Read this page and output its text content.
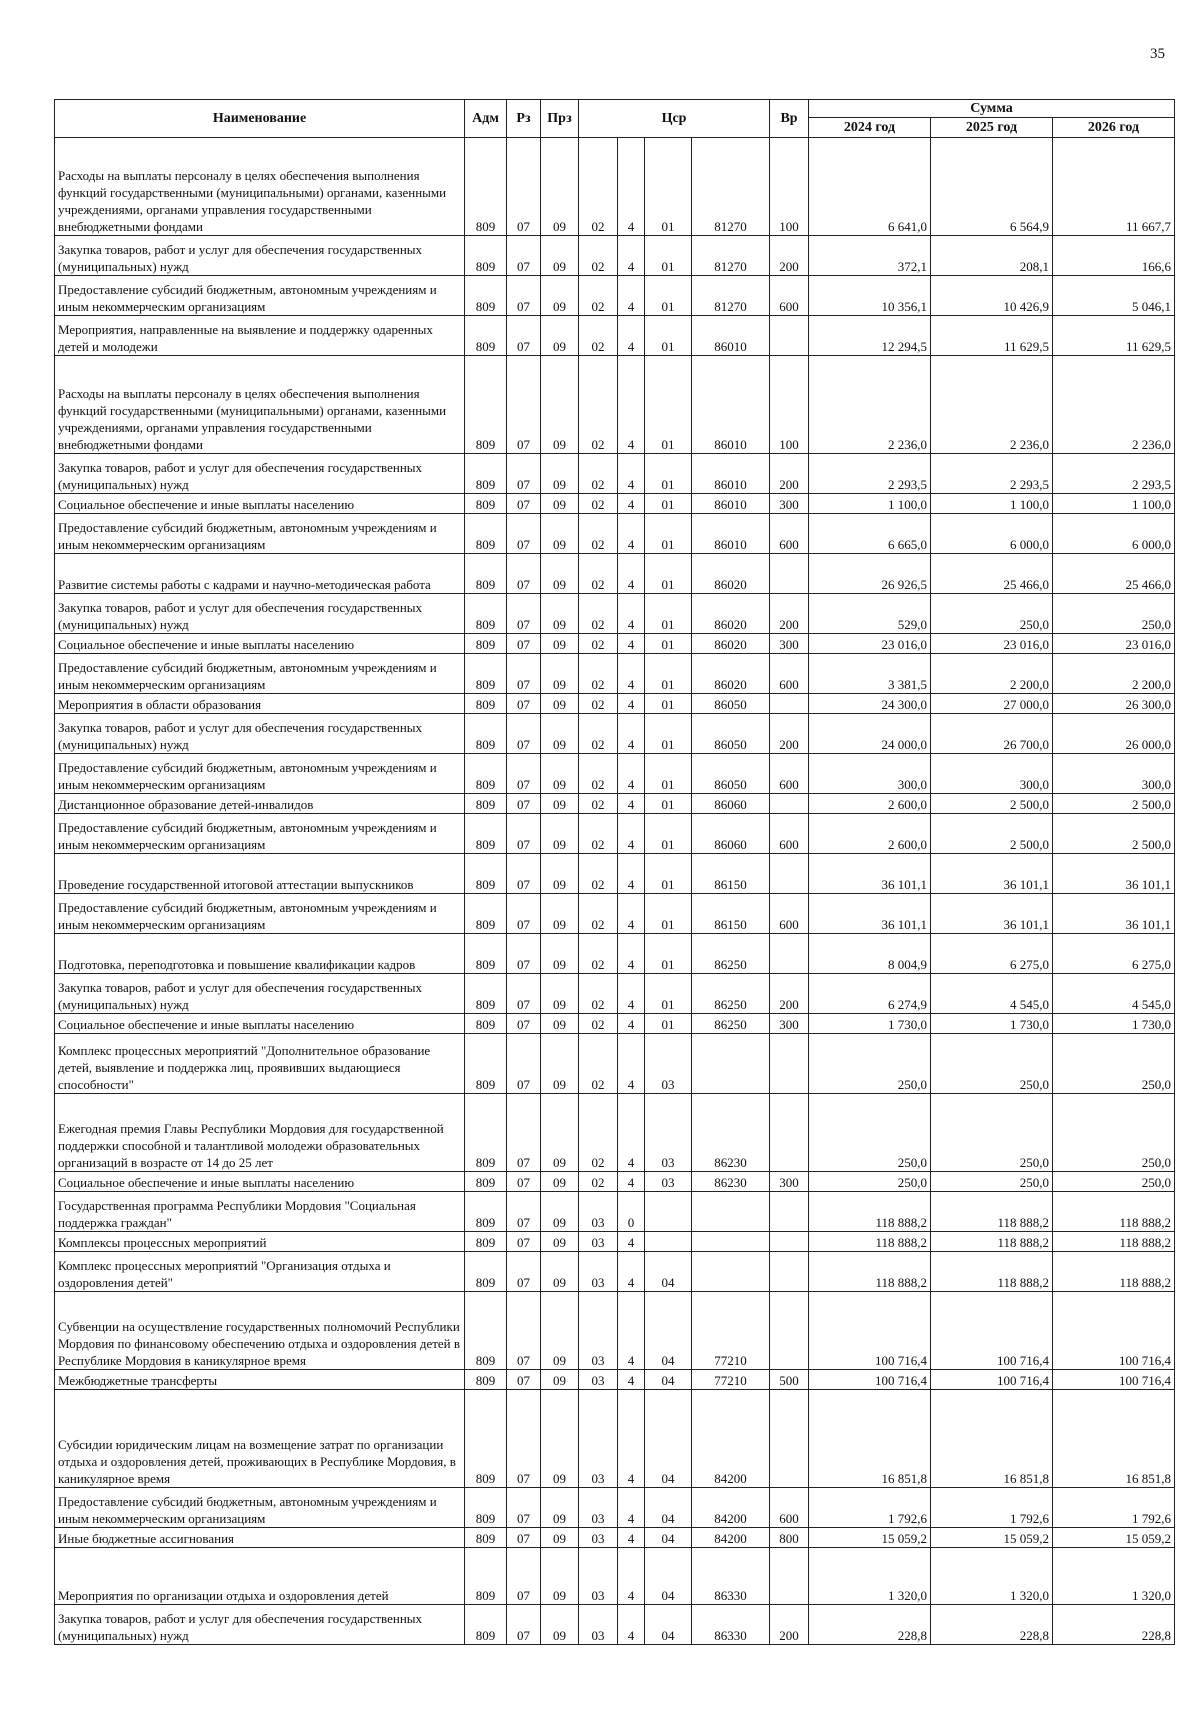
35
Наименование	Адм	Рз	Прз	Цср				Вр	Сумма		
									2024 год	2025 год	2026 год
Расходы на выплаты персоналу в целях обеспечения выполнения функций государственными (муниципальными) органами, казенными учреждениями, органами управления государственными внебюджетными фондами	809	07	09	02	4	01	81270	100	6 641,0	6 564,9	11 667,7
Закупка товаров, работ и услуг для обеспечения государственных (муниципальных) нужд	809	07	09	02	4	01	81270	200	372,1	208,1	166,6
Предоставление субсидий бюджетным, автономным учреждениям и иным некоммерческим организациям	809	07	09	02	4	01	81270	600	10 356,1	10 426,9	5 046,1
Мероприятия, направленные на выявление и поддержку одаренных детей и молодежи	809	07	09	02	4	01	86010		12 294,5	11 629,5	11 629,5
Расходы на выплаты персоналу в целях обеспечения выполнения функций государственными (муниципальными) органами, казенными учреждениями, органами управления государственными внебюджетными фондами	809	07	09	02	4	01	86010	100	2 236,0	2 236,0	2 236,0
Закупка товаров, работ и услуг для обеспечения государственных (муниципальных) нужд	809	07	09	02	4	01	86010	200	2 293,5	2 293,5	2 293,5
Социальное обеспечение и иные выплаты населению	809	07	09	02	4	01	86010	300	1 100,0	1 100,0	1 100,0
Предоставление субсидий бюджетным, автономным учреждениям и иным некоммерческим организациям	809	07	09	02	4	01	86010	600	6 665,0	6 000,0	6 000,0
Развитие системы работы с кадрами и научно-методическая работа	809	07	09	02	4	01	86020		26 926,5	25 466,0	25 466,0
Закупка товаров, работ и услуг для обеспечения государственных (муниципальных) нужд	809	07	09	02	4	01	86020	200	529,0	250,0	250,0
Социальное обеспечение и иные выплаты населению	809	07	09	02	4	01	86020	300	23 016,0	23 016,0	23 016,0
Предоставление субсидий бюджетным, автономным учреждениям и иным некоммерческим организациям	809	07	09	02	4	01	86020	600	3 381,5	2 200,0	2 200,0
Мероприятия в области образования	809	07	09	02	4	01	86050		24 300,0	27 000,0	26 300,0
Закупка товаров, работ и услуг для обеспечения государственных (муниципальных) нужд	809	07	09	02	4	01	86050	200	24 000,0	26 700,0	26 000,0
Предоставление субсидий бюджетным, автономным учреждениям и иным некоммерческим организациям	809	07	09	02	4	01	86050	600	300,0	300,0	300,0
Дистанционное образование детей-инвалидов	809	07	09	02	4	01	86060		2 600,0	2 500,0	2 500,0
Предоставление субсидий бюджетным, автономным учреждениям и иным некоммерческим организациям	809	07	09	02	4	01	86060	600	2 600,0	2 500,0	2 500,0
Проведение государственной итоговой аттестации выпускников	809	07	09	02	4	01	86150		36 101,1	36 101,1	36 101,1
Предоставление субсидий бюджетным, автономным учреждениям и иным некоммерческим организациям	809	07	09	02	4	01	86150	600	36 101,1	36 101,1	36 101,1
Подготовка, переподготовка и повышение квалификации кадров	809	07	09	02	4	01	86250		8 004,9	6 275,0	6 275,0
Закупка товаров, работ и услуг для обеспечения государственных (муниципальных) нужд	809	07	09	02	4	01	86250	200	6 274,9	4 545,0	4 545,0
Социальное обеспечение и иные выплаты населению	809	07	09	02	4	01	86250	300	1 730,0	1 730,0	1 730,0
Комплекс процессных мероприятий "Дополнительное образование детей, выявление и поддержка лиц, проявивших выдающиеся способности"	809	07	09	02	4	03			250,0	250,0	250,0
Ежегодная премия Главы Республики Мордовия для государственной поддержки способной и талантливой молодежи образовательных организаций в возрасте от 14 до 25 лет	809	07	09	02	4	03	86230		250,0	250,0	250,0
Социальное обеспечение и иные выплаты населению	809	07	09	02	4	03	86230	300	250,0	250,0	250,0
Государственная программа Республики Мордовия "Социальная поддержка граждан"	809	07	09	03	0				118 888,2	118 888,2	118 888,2
Комплексы процессных мероприятий	809	07	09	03	4				118 888,2	118 888,2	118 888,2
Комплекс процессных мероприятий "Организация отдыха и оздоровления детей"	809	07	09	03	4	04			118 888,2	118 888,2	118 888,2
Субвенции на осуществление государственных полномочий Республики Мордовия по финансовому обеспечению отдыха и оздоровления детей в Республике Мордовия в каникулярное время	809	07	09	03	4	04	77210		100 716,4	100 716,4	100 716,4
Межбюджетные трансферты	809	07	09	03	4	04	77210	500	100 716,4	100 716,4	100 716,4
Субсидии юридическим лицам на возмещение затрат по организации отдыха и оздоровления детей, проживающих в Республике Мордовия, в каникулярное время	809	07	09	03	4	04	84200		16 851,8	16 851,8	16 851,8
Предоставление субсидий бюджетным, автономным учреждениям и иным некоммерческим организациям	809	07	09	03	4	04	84200	600	1 792,6	1 792,6	1 792,6
Иные бюджетные ассигнования	809	07	09	03	4	04	84200	800	15 059,2	15 059,2	15 059,2
Мероприятия по организации отдыха и оздоровления детей	809	07	09	03	4	04	86330		1 320,0	1 320,0	1 320,0
Закупка товаров, работ и услуг для обеспечения государственных (муниципальных) нужд	809	07	09	03	4	04	86330	200	228,8	228,8	228,8
